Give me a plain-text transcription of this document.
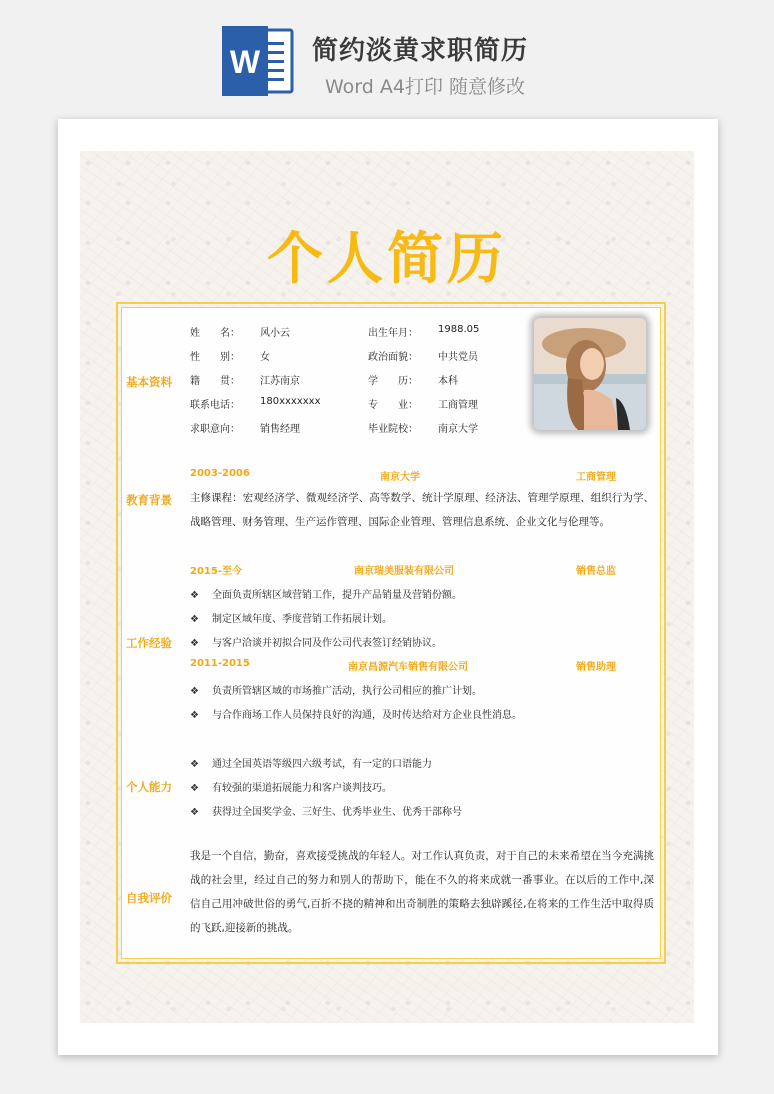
W 简约淡黄求职简历
Word A4打印 随意修改
个人简历
基本资料
姓　　名： 风小云	出生年月： 1988.05
性　　别： 女	政治面貌： 中共党员
籍　　贯： 江苏南京	学　　历： 本科
联系电话： 180xxxxxxx	专　　业： 工商管理
求职意向： 销售经理	毕业院校： 南京大学
2003-2006	南京大学	工商管理
教育背景	主修课程：宏观经济学、微观经济学、高等数学、统计学原理、经济法、管理学原理、组织行为学、战略管理、财务管理、生产运作管理、国际企业管理、管理信息系统、企业文化与伦理等。
2015-至今	南京瑞美服装有限公司	销售总监
❖ 全面负责所辖区域营销工作，提升产品销量及营销份额。
❖ 制定区域年度、季度营销工作拓展计划。
❖ 与客户洽谈并初拟合同及作公司代表签订经销协议。
工作经验
2011-2015	南京昌源汽车销售有限公司	销售助理
❖ 负责所管辖区域的市场推广活动，执行公司相应的推广计划。
❖ 与合作商场工作人员保持良好的沟通，及时传达给对方企业良性消息。
❖ 通过全国英语等级四六级考试，有一定的口语能力
个人能力	❖ 有较强的渠道拓展能力和客户谈判技巧。
❖ 获得过全国奖学金、三好生、优秀毕业生、优秀干部称号
我是一个自信，勤奋，喜欢接受挑战的年轻人。对工作认真负责，对于自己的未来希望在当今充满挑战的社会里，经过自己的努力和别人的帮助下，能在不久的将来成就一番事业。在以后的工作中,深信自己用冲破世俗的勇气,百折不挠的精神和出奇制胜的策略去独辟蹊径,在将来的工作生活中取得质的飞跃,迎接新的挑战。
自我评价
